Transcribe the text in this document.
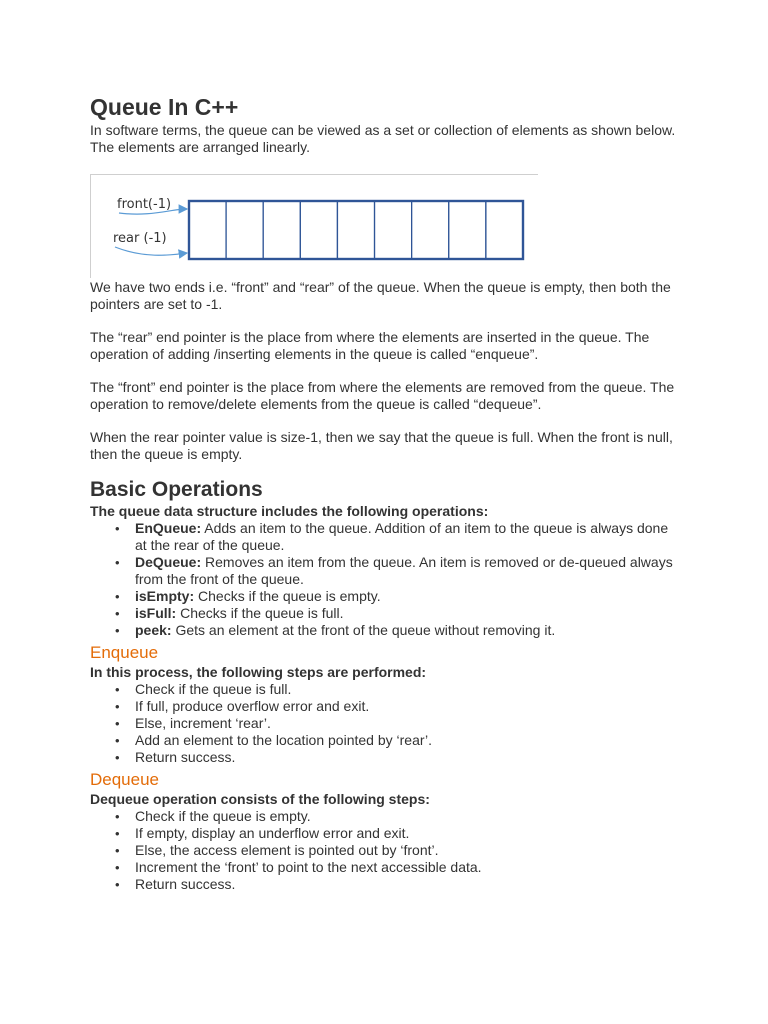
Queue In C++

In software terms, the queue can be viewed as a set or collection of elements as shown below. The elements are arranged linearly.

front(-1)
rear (-1)

We have two ends i.e. “front” and “rear” of the queue. When the queue is empty, then both the pointers are set to -1.

The “rear” end pointer is the place from where the elements are inserted in the queue. The operation of adding /inserting elements in the queue is called “enqueue”.

The “front” end pointer is the place from where the elements are removed from the queue. The operation to remove/delete elements from the queue is called “dequeue”.

When the rear pointer value is size-1, then we say that the queue is full. When the front is null, then the queue is empty.

Basic Operations

The queue data structure includes the following operations:

• EnQueue: Adds an item to the queue. Addition of an item to the queue is always done at the rear of the queue.
• DeQueue: Removes an item from the queue. An item is removed or de-queued always from the front of the queue.
• isEmpty: Checks if the queue is empty.
• isFull: Checks if the queue is full.
• peek: Gets an element at the front of the queue without removing it.
Enqueue

In this process, the following steps are performed:

• Check if the queue is full.
• If full, produce overflow error and exit.
• Else, increment ‘rear’.
• Add an element to the location pointed by ‘rear’.
• Return success.
Dequeue

Dequeue operation consists of the following steps:

• Check if the queue is empty.
• If empty, display an underflow error and exit.
• Else, the access element is pointed out by ‘front’.
• Increment the ‘front’ to point to the next accessible data.
• Return success.
